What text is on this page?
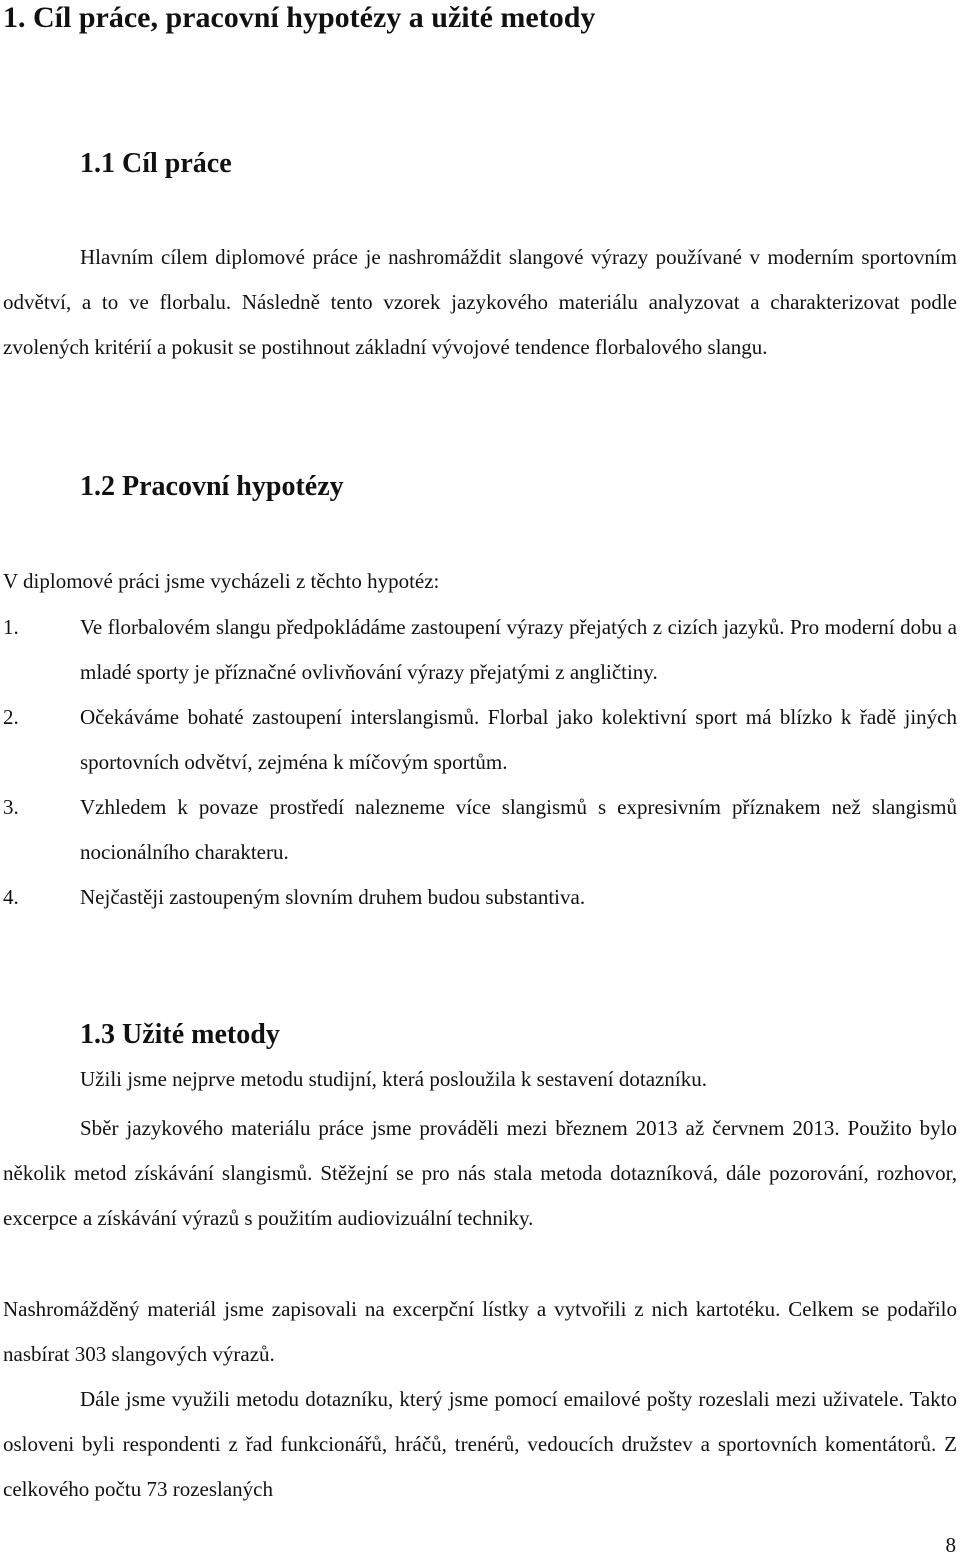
1. Cíl práce, pracovní hypotézy a užité metody
1.1 Cíl práce

Hlavním cílem diplomové práce je nashromáždit slangové výrazy používané v moderním sportovním odvětví, a to ve florbalu. Následně tento vzorek jazykového materiálu analyzovat a charakterizovat podle zvolených kritérií a pokusit se postihnout základní vývojové tendence florbalového slangu.

1.2 Pracovní hypotézy

V diplomové práci jsme vycházeli z těchto hypotéz:

1.	Ve florbalovém slangu předpokládáme zastoupení výrazy přejatých z cizích jazyků. Pro moderní dobu a mladé sporty je příznačné ovlivňování výrazy přejatými z angličtiny.
2.	Očekáváme bohaté zastoupení interslangismů. Florbal jako kolektivní sport má blízko k řadě jiných sportovních odvětví, zejména k míčovým sportům.
3.	Vzhledem k povaze prostředí nalezneme více slangismů s expresivním příznakem než slangismů nocionálního charakteru.
4.	Nejčastěji zastoupeným slovním druhem budou substantiva.
1.3 Užité metody

Užili jsme nejprve metodu studijní, která posloužila k sestavení dotazníku.

Sběr jazykového materiálu práce jsme prováděli mezi březnem 2013 až červnem 2013. Použito bylo několik metod získávání slangismů. Stěžejní se pro nás stala metoda dotazníková, dále pozorování, rozhovor, excerpce a získávání výrazů s použitím audiovizuální techniky.

Nashromážděný materiál jsme zapisovali na excerpční lístky a vytvořili z nich kartotéku. Celkem se podařilo nasbírat 303 slangových výrazů.

Dále jsme využili metodu dotazníku, který jsme pomocí emailové pošty rozeslali mezi uživatele. Takto osloveni byli respondenti z řad funkcionářů, hráčů, trenérů, vedoucích družstev a sportovních komentátorů. Z celkového počtu 73 rozeslaných

8
